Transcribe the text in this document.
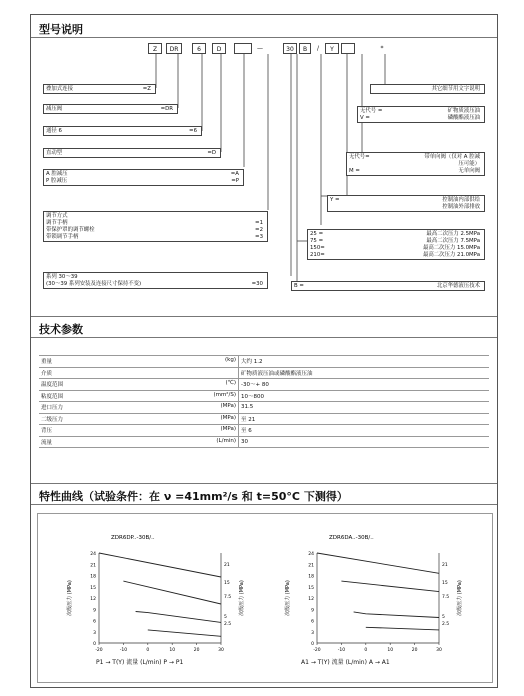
型号说明
Z	DR	6	D	—	30	B	/	Y	*
叠加式连接	=Z
减压阀	=DR
通径 6	=6
直动型	=D
A 腔减压	=A
P 腔减压	=P
调节方式
调节手柄	=1
带保护罩的调节螺栓	=2
带锁调节手柄	=3
系列 30～39
(30～39 系列安装及连接尺寸保持不变)	=30
其它细节用文字说明
无代号 =	矿物质液压油
V =	磷酸酯液压油
无代号=	带单向阀（仅对 A 腔减
压可能）
M =	无单向阀
Y =	控制油内部供给
控制油外部排放
25 =	最高二次压力 2.5MPa
75 =	最高二次压力 7.5MPa
150=	最高二次压力 15.0MPa
210=	最高二次压力 21.0MPa
B =	北京华德液压技术
技术参数
重量 (kg)	大约 1.2

介质	矿物质液压油或磷酸酯液压油

温度范围 (℃)	-30～+ 80

粘度范围 (mm²/S)	10～800

进口压力 (MPa)	31.5

二级压力 (MPa)	至 21

背压 (MPa)	至 6

流量 (L/min)	30
特性曲线（试验条件：在 ν =41mm²/s 和 t=50°C 下测得）
ZDR6DP..-30B/..
0
3
6
9
12
15
18
21
24
-20	-10	0	10	20	30
2.5
5
7.5
15
21
次级压力 (MPa)	次级压力 (MPa)
ZDR6DA..-30B/..
0
3
6
9
12
15
18
21
24
-20	-10	0	10	20	30
2.5
5
7.5
15
21
次级压力 (MPa)	次级压力 (MPa)
P1 → T(Y) 流量 (L/min) P → P1	A1 → T(Y) 流量 (L/min) A → A1
